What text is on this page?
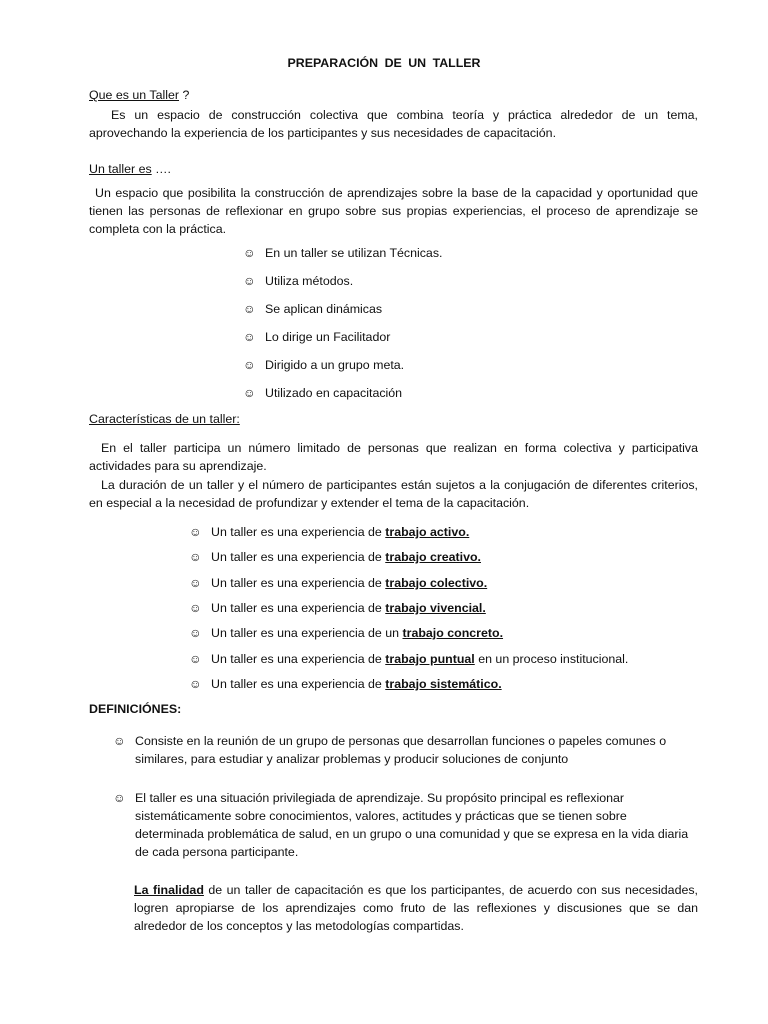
PREPARACIÓN DE UN TALLER
Que es un Taller ?

Es un espacio de construcción colectiva que combina teoría y práctica alrededor de un tema, aprovechando la experiencia de los participantes y sus necesidades de capacitación.

Un taller es ….

Un espacio que posibilita la construcción de aprendizajes sobre la base de la capacidad y oportunidad que tienen las personas de reflexionar en grupo sobre sus propias experiencias, el proceso de aprendizaje se completa con la práctica.

☺ En un taller se utilizan Técnicas.
☺ Utiliza métodos.
☺ Se aplican dinámicas
☺ Lo dirige un Facilitador
☺ Dirigido a un grupo meta.
☺ Utilizado en capacitación
Características de un taller:

En el taller participa un número limitado de personas que realizan en forma colectiva y participativa actividades para su aprendizaje.

La duración de un taller y el número de participantes están sujetos a la conjugación de diferentes criterios, en especial a la necesidad de profundizar y extender el tema de la capacitación.

☺ Un taller es una experiencia de trabajo activo.
☺ Un taller es una experiencia de trabajo creativo.
☺ Un taller es una experiencia de trabajo colectivo.
☺ Un taller es una experiencia de trabajo vivencial.
☺ Un taller es una experiencia de un trabajo concreto.
☺ Un taller es una experiencia de trabajo puntual en un proceso institucional.
☺ Un taller es una experiencia de trabajo sistemático.
DEFINICIÓNES:
☺ Consiste en la reunión de un grupo de personas que desarrollan funciones o papeles comunes o similares, para estudiar y analizar problemas y producir soluciones de conjunto
☺ El taller es una situación privilegiada de aprendizaje. Su propósito principal es reflexionar sistemáticamente sobre conocimientos, valores, actitudes y prácticas que se tienen sobre determinada problemática de salud, en un grupo o una comunidad y que se expresa en la vida diaria de cada persona participante.

La finalidad de un taller de capacitación es que los participantes, de acuerdo con sus necesidades, logren apropiarse de los aprendizajes como fruto de las reflexiones y discusiones que se dan alrededor de los conceptos y las metodologías compartidas.
